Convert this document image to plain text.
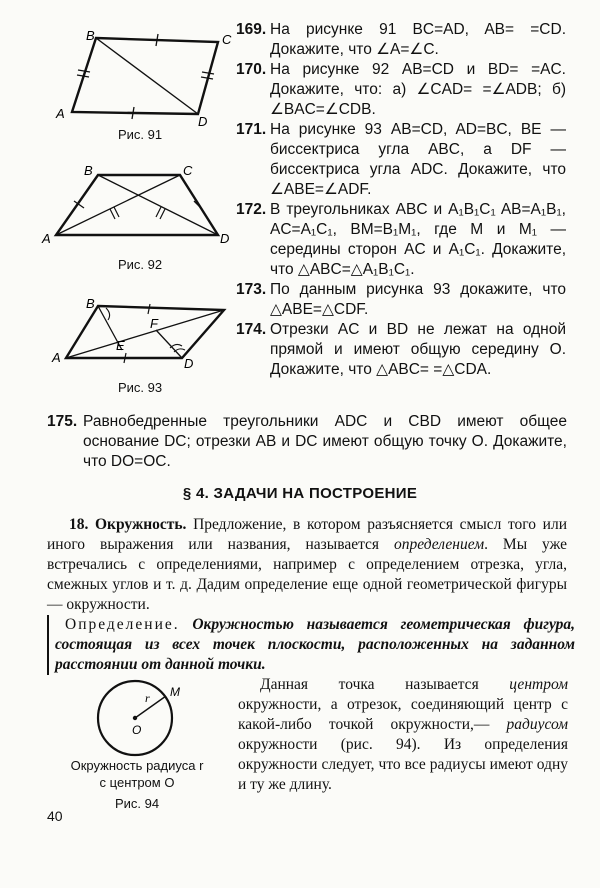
B	C
A
D
Рис. 91
B	C
A	D
Рис. 92
B
F
E
A	D
Рис. 93
169. На рисунке 91 BC=AD, AB= =CD. Докажите, что ∠A=∠C.
170. На рисунке 92 AB=CD и BD= =AC. Докажите, что: а) ∠CAD= =∠ADB; б) ∠BAC=∠CDB.
171. На рисунке 93 AB=CD, AD=BC, BE — биссектриса угла ABC, а DF — биссектриса угла ADC. Докажите, что ∠ABE=∠ADF.
172. В треугольниках ABC и A₁B₁C₁ AB=A₁B₁, AC=A₁C₁, BM=B₁M₁, где M и M₁ — середины сторон AC и A₁C₁. Докажите, что △ABC=△A₁B₁C₁.
173. По данным рисунка 93 докажите, что △ABE=△CDF.
174. Отрезки AC и BD не лежат на одной прямой и имеют общую середину O. Докажите, что △ABC= =△CDA.
175. Равнобедренные треугольники ADC и CBD имеют общее основание DC; отрезки AB и DC имеют общую точку O. Докажите, что DO=OC.
§ 4. ЗАДАЧИ НА ПОСТРОЕНИЕ
18. Окружность. Предложение, в котором разъясняется смысл того или иного выражения или названия, называется определением. Мы уже встречались с определениями, например с определением отрезка, угла, смежных углов и т. д. Дадим определение еще одной геометрической фигуры — окружности.
Определение. Окружностью называется геометрическая фигура, состоящая из всех точек плоскости, расположенных на заданном расстоянии от данной точки.
r M
O
Окружность радиуса r
с центром O
Рис. 94
Данная точка называется центром окружности, а отрезок, соединяющий центр с какой-либо точкой окружности,— радиусом окружности (рис. 94). Из определения окружности следует, что все радиусы имеют одну и ту же длину.
40
